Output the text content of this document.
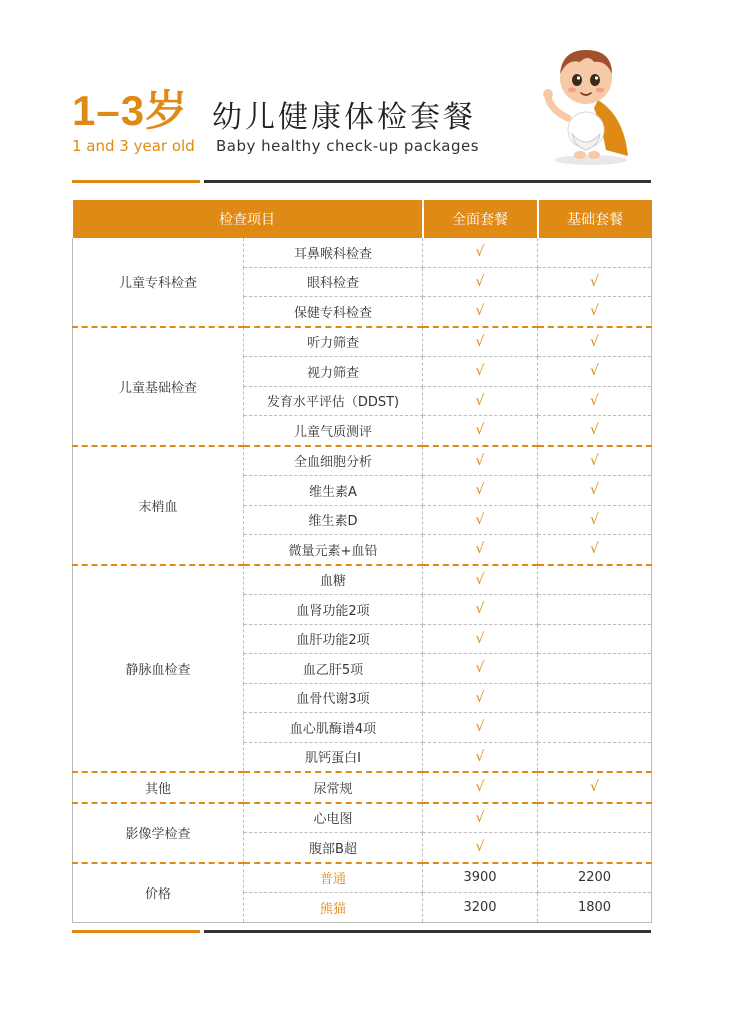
1–3岁 幼儿健康体检套餐
1 and 3 year old Baby healthy check-up packages
检查项目		全面套餐	基础套餐
儿童专科检查	耳鼻喉科检查	√	
	眼科检查	√	√
	保健专科检查	√	√
儿童基础检查	听力筛查	√	√
	视力筛查	√	√
	发育水平评估（DDST)	√	√
	儿童气质测评	√	√
末梢血	全血细胞分析	√	√
	维生素A	√	√
	维生素D	√	√
	微量元素+血铅	√	√
静脉血检查	血糖	√	
	血肾功能2项	√	
	血肝功能2项	√	
	血乙肝5项	√	
	血骨代谢3项	√	
	血心肌酶谱4项	√	
	肌钙蛋白I	√	
其他	尿常规	√	√
影像学检查	心电图	√	
	腹部B超	√	
价格	普通	3900	2200
	熊猫	3200	1800
